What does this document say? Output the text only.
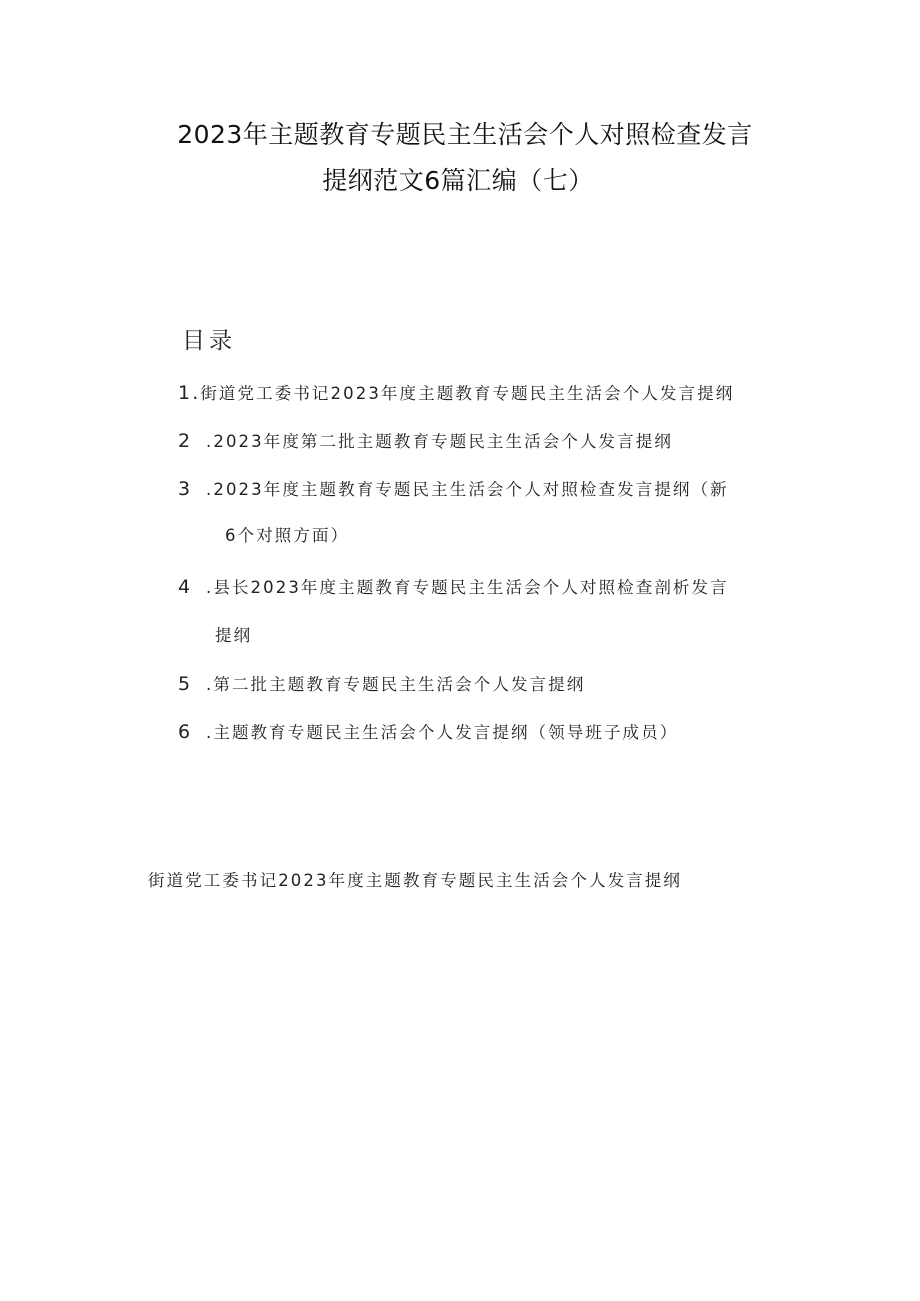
2023年主题教育专题民主生活会个人对照检查发言
提纲范文6篇汇编（七）
目录
1.街道党工委书记2023年度主题教育专题民主生活会个人发言提纲
2 .2023年度第二批主题教育专题民主生活会个人发言提纲
3 .2023年度主题教育专题民主生活会个人对照检查发言提纲（新
6个对照方面）
4 .县长2023年度主题教育专题民主生活会个人对照检查剖析发言
提纲
5 .第二批主题教育专题民主生活会个人发言提纲
6 .主题教育专题民主生活会个人发言提纲（领导班子成员）
街道党工委书记2023年度主题教育专题民主生活会个人发言提纲
